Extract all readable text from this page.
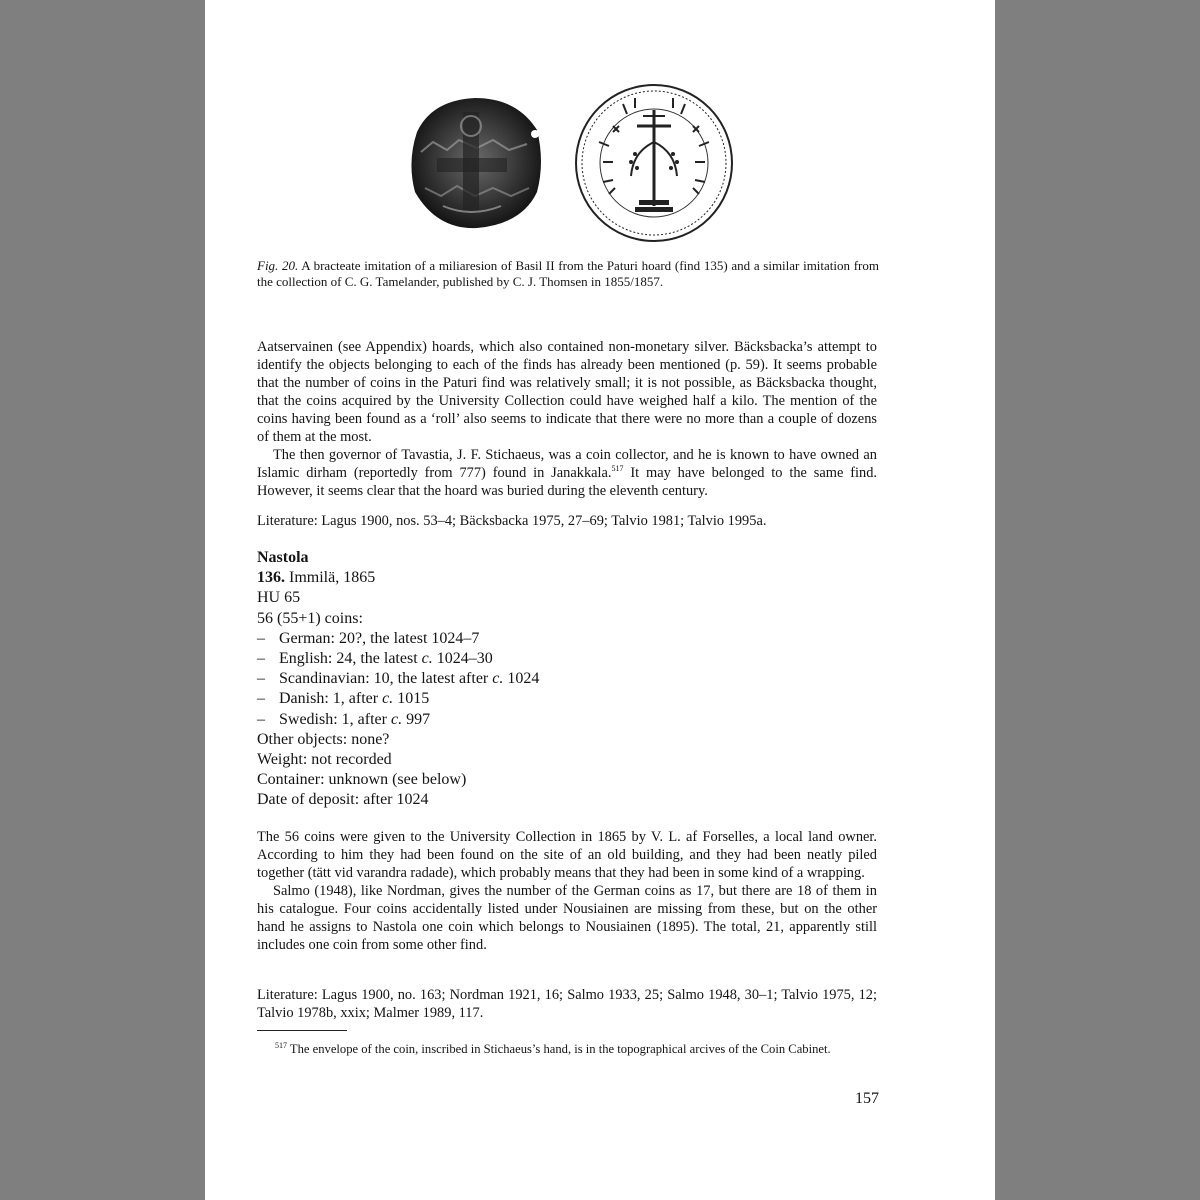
Fig. 20. A bracteate imitation of a miliaresion of Basil II from the Paturi hoard (find 135) and a similar imitation from the collection of C. G. Tamelander, published by C. J. Thomsen in 1855/1857.

Aatservainen (see Appendix) hoards, which also contained non-monetary silver. Bäcksbacka’s attempt to identify the objects belonging to each of the finds has already been mentioned (p. 59). It seems probable that the number of coins in the Paturi find was relatively small; it is not possible, as Bäcksbacka thought, that the coins acquired by the University Collection could have weighed half a kilo. The mention of the coins having been found as a ‘roll’ also seems to indicate that there were no more than a couple of dozens of them at the most.

The then governor of Tavastia, J. F. Stichaeus, was a coin collector, and he is known to have owned an Islamic dirham (reportedly from 777) found in Janakkala.$^{517}$ It may have belonged to the same find. However, it seems clear that the hoard was buried during the eleventh century.

Literature: Lagus 1900, nos. 53–4; Bäcksbacka 1975, 27–69; Talvio 1981; Talvio 1995a.
Nastola
136. Immilä, 1865
HU 65
56 (55+1) coins:
– German: 20?, the latest 1024–7
– English: 24, the latest c. 1024–30
– Scandinavian: 10, the latest after c. 1024
– Danish: 1, after c. 1015
– Swedish: 1, after c. 997
Other objects: none?
Weight: not recorded
Container: unknown (see below)
Date of deposit: after 1024

The 56 coins were given to the University Collection in 1865 by V. L. af Forselles, a local land owner. According to him they had been found on the site of an old building, and they had been neatly piled together (tätt vid varandra radade), which probably means that they had been in some kind of a wrapping.

Salmo (1948), like Nordman, gives the number of the German coins as 17, but there are 18 of them in his catalogue. Four coins accidentally listed under Nousiainen are missing from these, but on the other hand he assigns to Nastola one coin which belongs to Nousiainen (1895). The total, 21, apparently still includes one coin from some other find.

Literature: Lagus 1900, no. 163; Nordman 1921, 16; Salmo 1933, 25; Salmo 1948, 30–1; Talvio 1975, 12; Talvio 1978b, xxix; Malmer 1989, 117.
$^{517}$ The envelope of the coin, inscribed in Stichaeus’s hand, is in the topographical arcives of the Coin Cabinet.
157
